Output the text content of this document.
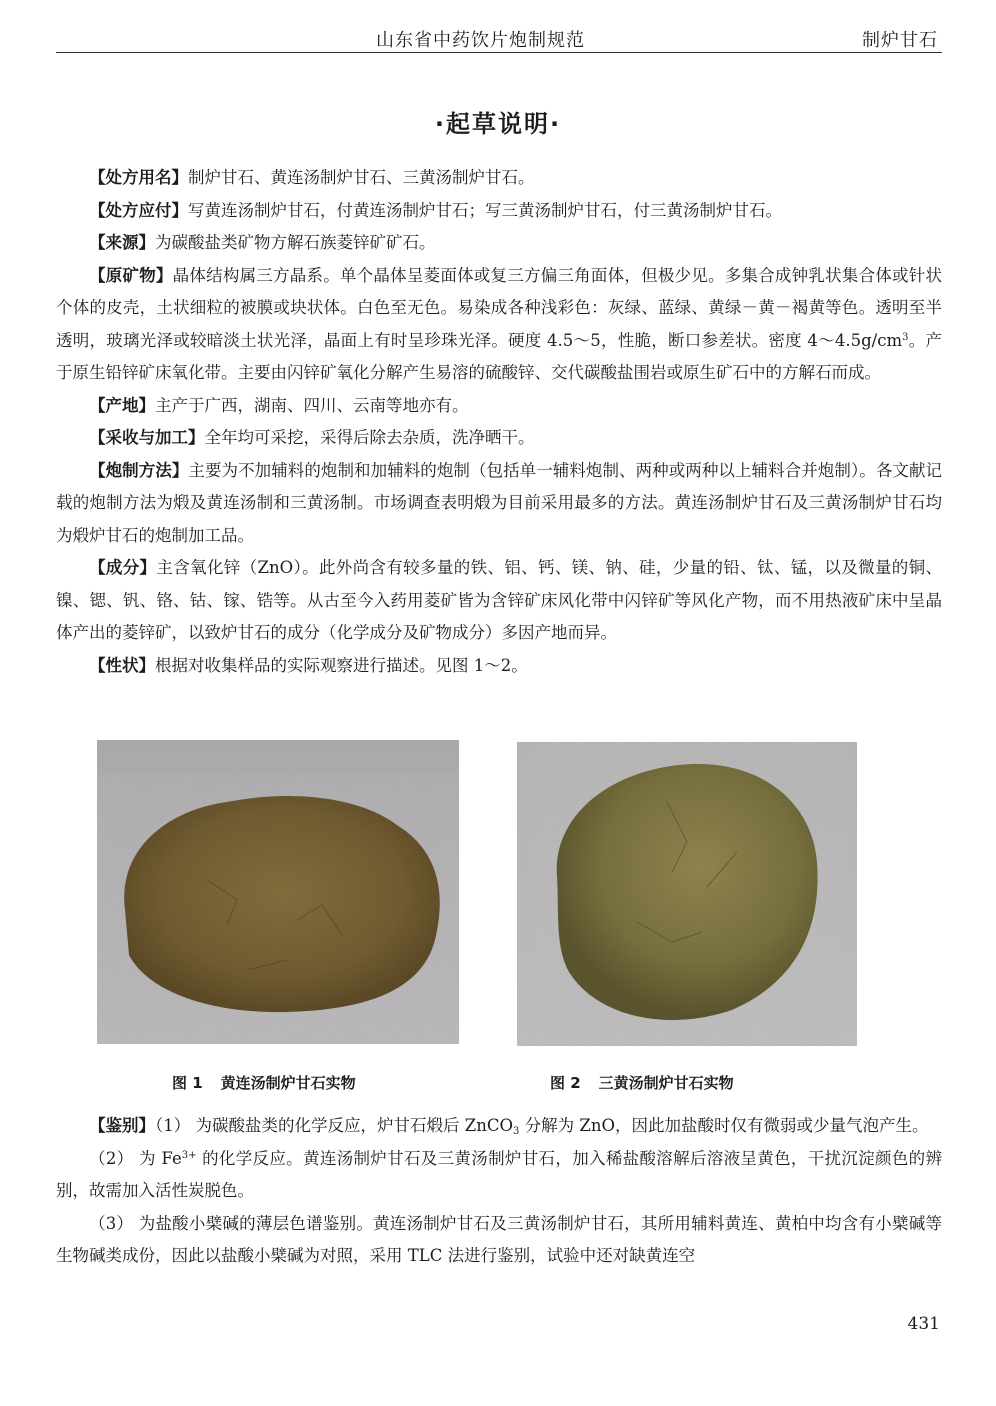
山东省中药饮片炮制规范	制炉甘石
·起草说明·

【处方用名】制炉甘石、黄连汤制炉甘石、三黄汤制炉甘石。

【处方应付】写黄连汤制炉甘石，付黄连汤制炉甘石；写三黄汤制炉甘石，付三黄汤制炉甘石。

【来源】为碳酸盐类矿物方解石族菱锌矿矿石。

【原矿物】晶体结构属三方晶系。单个晶体呈菱面体或复三方偏三角面体，但极少见。多集合成钟乳状集合体或针状个体的皮壳，土状细粒的被膜或块状体。白色至无色。易染成各种浅彩色：灰绿、蓝绿、黄绿－黄－褐黄等色。透明至半透明，玻璃光泽或较暗淡土状光泽，晶面上有时呈珍珠光泽。硬度 4.5～5，性脆，断口参差状。密度 $4\sim 4.5g/cm^3$。产于原生铅锌矿床氧化带。主要由闪锌矿氧化分解产生易溶的硫酸锌、交代碳酸盐围岩或原生矿石中的方解石而成。

【产地】主产于广西，湖南、四川、云南等地亦有。

【采收与加工】全年均可采挖，采得后除去杂质，洗净晒干。

【炮制方法】主要为不加辅料的炮制和加辅料的炮制（包括单一辅料炮制、两种或两种以上辅料合并炮制）。各文献记载的炮制方法为煅及黄连汤制和三黄汤制。市场调查表明煅为目前采用最多的方法。黄连汤制炉甘石及三黄汤制炉甘石均为煅炉甘石的炮制加工品。

【成分】主含氧化锌（ZnO）。此外尚含有较多量的铁、铝、钙、镁、钠、硅，少量的铅、钛、锰，以及微量的铜、镍、锶、钒、铬、钴、镓、锆等。从古至今入药用菱矿皆为含锌矿床风化带中闪锌矿等风化产物，而不用热液矿床中呈晶体产出的菱锌矿，以致炉甘石的成分（化学成分及矿物成分）多因产地而异。

【性状】根据对收集样品的实际观察进行描述。见图 1～2。

图 1 黄连汤制炉甘石实物	图 2 三黄汤制炉甘石实物

【鉴别】（1） 为碳酸盐类的化学反应，炉甘石煅后 ZnCO$_3$ 分解为 ZnO，因此加盐酸时仅有微弱或少量气泡产生。

（2） 为 $Fe^{3+}$ 的化学反应。黄连汤制炉甘石及三黄汤制炉甘石，加入稀盐酸溶解后溶液呈黄色，干扰沉淀颜色的辨别，故需加入活性炭脱色。

（3） 为盐酸小檗碱的薄层色谱鉴别。黄连汤制炉甘石及三黄汤制炉甘石，其所用辅料黄连、黄柏中均含有小檗碱等生物碱类成份，因此以盐酸小檗碱为对照，采用 TLC 法进行鉴别，试验中还对缺黄连空

431
